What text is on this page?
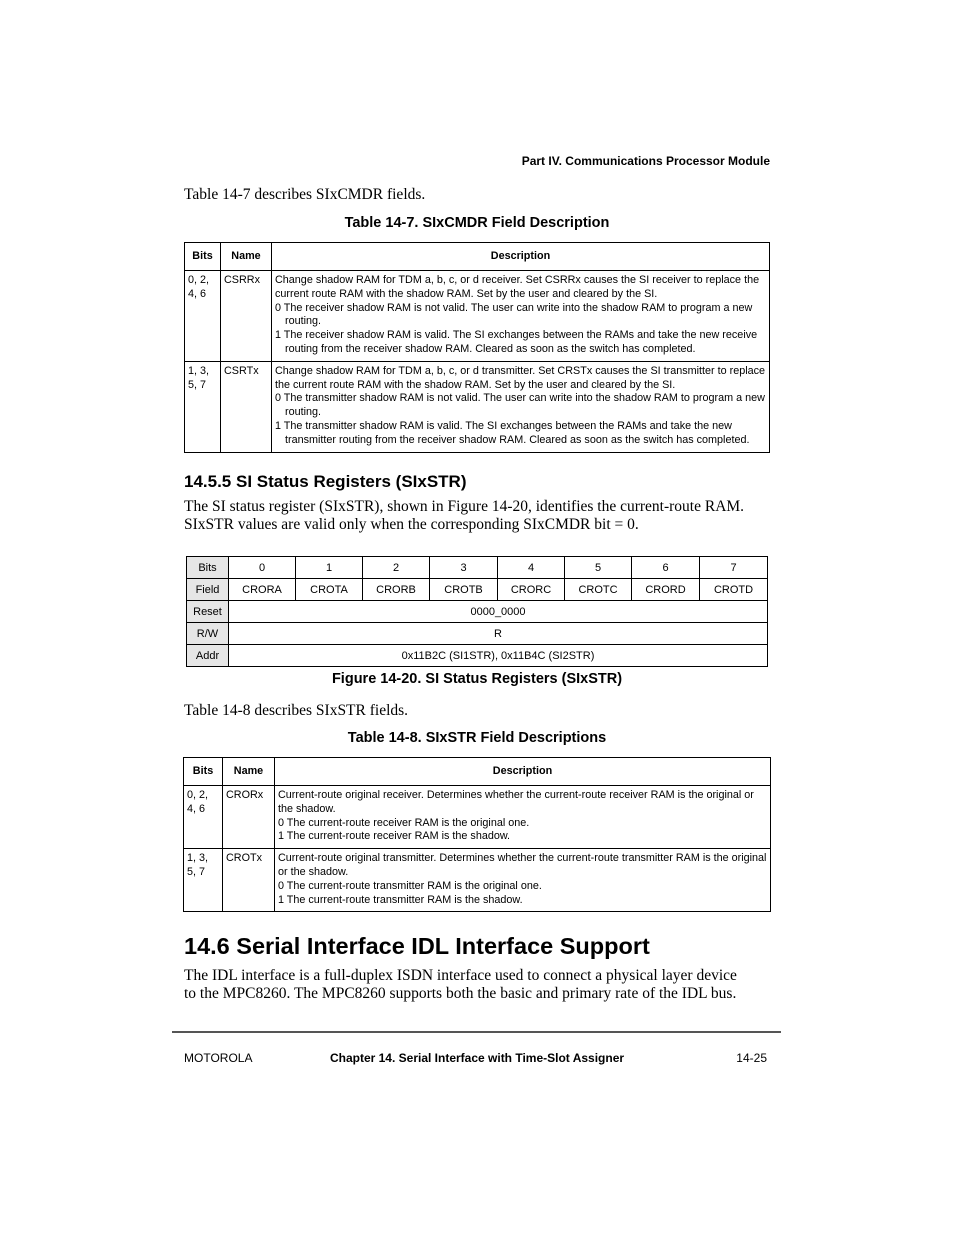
Part IV. Communications Processor Module
Table 14-7 describes SIxCMDR fields.
Table 14-7. SIxCMDR Field Description
Bits	Name	Description
0, 2, 4, 6	CSRRx	Change shadow RAM for TDM a, b, c, or d receiver. Set CSRRx causes the SI receiver to replace the current route RAM with the shadow RAM. Set by the user and cleared by the SI.
0 The receiver shadow RAM is not valid. The user can write into the shadow RAM to program a new routing.
1 The receiver shadow RAM is valid. The SI exchanges between the RAMs and take the new receive routing from the receiver shadow RAM. Cleared as soon as the switch has completed.

1, 3, 5, 7	CSRTx	Change shadow RAM for TDM a, b, c, or d transmitter. Set CRSTx causes the SI transmitter to replace the current route RAM with the shadow RAM. Set by the user and cleared by the SI.
0 The transmitter shadow RAM is not valid. The user can write into the shadow RAM to program a new routing.
1 The transmitter shadow RAM is valid. The SI exchanges between the RAMs and take the new transmitter routing from the receiver shadow RAM. Cleared as soon as the switch has completed.
14.5.5 SI Status Registers (SIxSTR)
The SI status register (SIxSTR), shown in Figure 14-20, identifies the current-route RAM.
SIxSTR values are valid only when the corresponding SIxCMDR bit = 0.
Bits	0	1	2	3	4	5	6	7
Field	CRORA	CROTA	CRORB	CROTB	CRORC	CROTC	CRORD	CROTD
Reset	0000_0000							
R/W	R							
Addr	0x11B2C (SI1STR), 0x11B4C (SI2STR)							
Figure 14-20. SI Status Registers (SIxSTR)
Table 14-8 describes SIxSTR fields.
Table 14-8. SIxSTR Field Descriptions
Bits	Name	Description
0, 2, 4, 6	CRORx	Current-route original receiver. Determines whether the current-route receiver RAM is the original or the shadow.
0 The current-route receiver RAM is the original one.
1 The current-route receiver RAM is the shadow.

1, 3, 5, 7	CROTx	Current-route original transmitter. Determines whether the current-route transmitter RAM is the original or the shadow.
0 The current-route transmitter RAM is the original one.
1 The current-route transmitter RAM is the shadow.
14.6 Serial Interface IDL Interface Support
The IDL interface is a full-duplex ISDN interface used to connect a physical layer device
to the MPC8260. The MPC8260 supports both the basic and primary rate of the IDL bus.
MOTOROLA	Chapter 14. Serial Interface with Time-Slot Assigner	14-25
